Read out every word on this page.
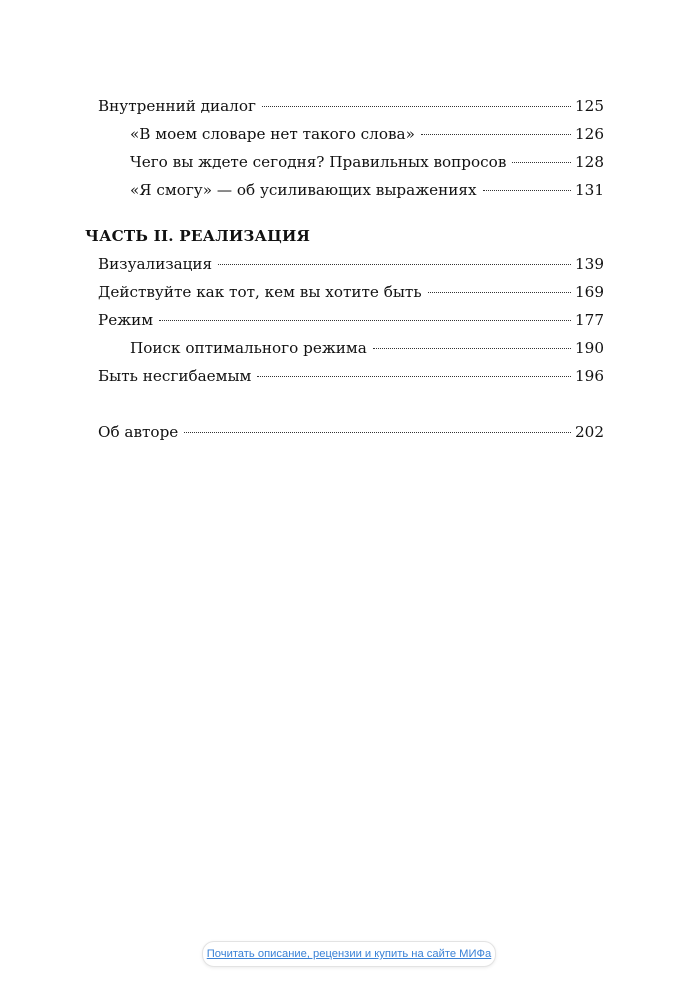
Внутренний диалог	125
«В моем словаре нет такого слова»	126
Чего вы ждете сегодня? Правильных вопросов	128
«Я смогу» — об усиливающих выражениях	131
ЧАСТЬ II. РЕАЛИЗАЦИЯ
Визуализация	139
Действуйте как тот, кем вы хотите быть	169
Режим	177
Поиск оптимального режима	190
Быть несгибаемым	196
Об авторе	202
Почитать описание, рецензии и купить на сайте МИФа
